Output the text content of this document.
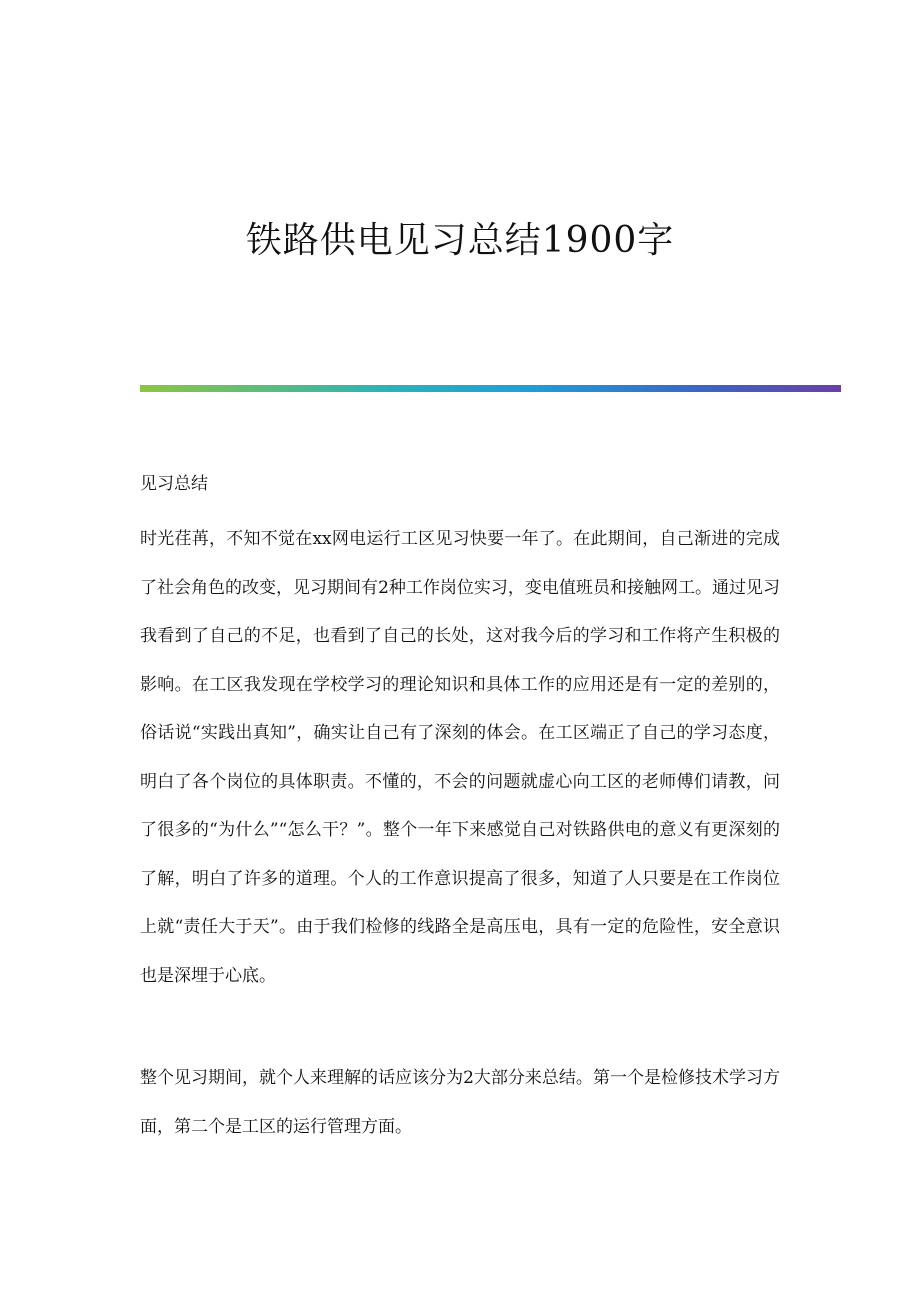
铁路供电见习总结1900字

见习总结

时光荏苒，不知不觉在xx网电运行工区见习快要一年了。在此期间，自己渐进的完成了社会角色的改变，见习期间有2种工作岗位实习，变电值班员和接触网工。通过见习我看到了自己的不足，也看到了自己的长处，这对我今后的学习和工作将产生积极的影响。在工区我发现在学校学习的理论知识和具体工作的应用还是有一定的差别的，俗话说“实践出真知”，确实让自己有了深刻的体会。在工区端正了自己的学习态度，明白了各个岗位的具体职责。不懂的，不会的问题就虚心向工区的老师傅们请教，问了很多的“为什么”“怎么干？”。整个一年下来感觉自己对铁路供电的意义有更深刻的了解，明白了许多的道理。个人的工作意识提高了很多，知道了人只要是在工作岗位上就“责任大于天”。由于我们检修的线路全是高压电，具有一定的危险性，安全意识也是深埋于心底。

整个见习期间，就个人来理解的话应该分为2大部分来总结。第一个是检修技术学习方面，第二个是工区的运行管理方面。
